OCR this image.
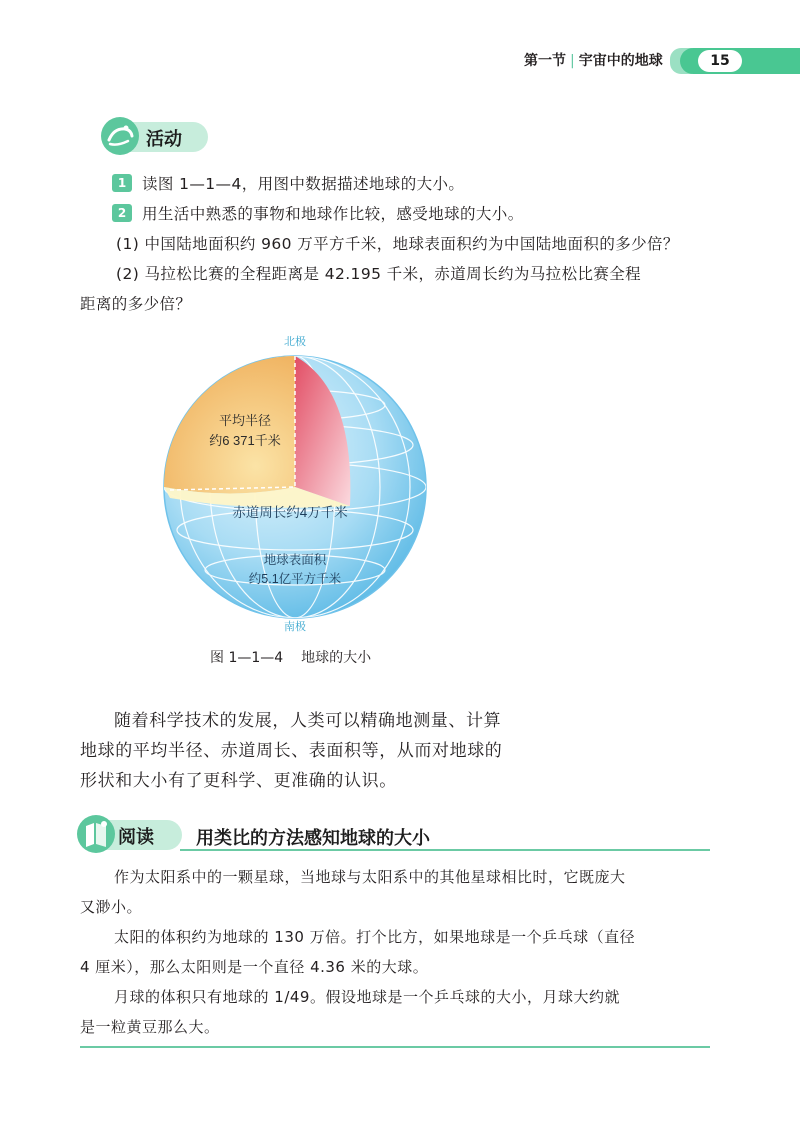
第一节 | 宇宙中的地球	15
活动
1	读图 1—1—4，用图中数据描述地球的大小。
2	用生活中熟悉的事物和地球作比较，感受地球的大小。
(1) 中国陆地面积约 960 万平方千米，地球表面积约为中国陆地面积的多少倍？
(2) 马拉松比赛的全程距离是 42.195 千米，赤道周长约为马拉松比赛全程
距离的多少倍？
北极
南极
平均半径
约6 371千米
赤道周长约4万千米
地球表面积
约5.1亿平方千米
图 1—1—4 地球的大小
随着科学技术的发展，人类可以精确地测量、计算
地球的平均半径、赤道周长、表面积等，从而对地球的
形状和大小有了更科学、更准确的认识。
阅读 用类比的方法感知地球的大小
作为太阳系中的一颗星球，当地球与太阳系中的其他星球相比时，它既庞大
又渺小。
太阳的体积约为地球的 130 万倍。打个比方，如果地球是一个乒乓球（直径
4 厘米），那么太阳则是一个直径 4.36 米的大球。
月球的体积只有地球的 1/49。假设地球是一个乒乓球的大小，月球大约就
是一粒黄豆那么大。
